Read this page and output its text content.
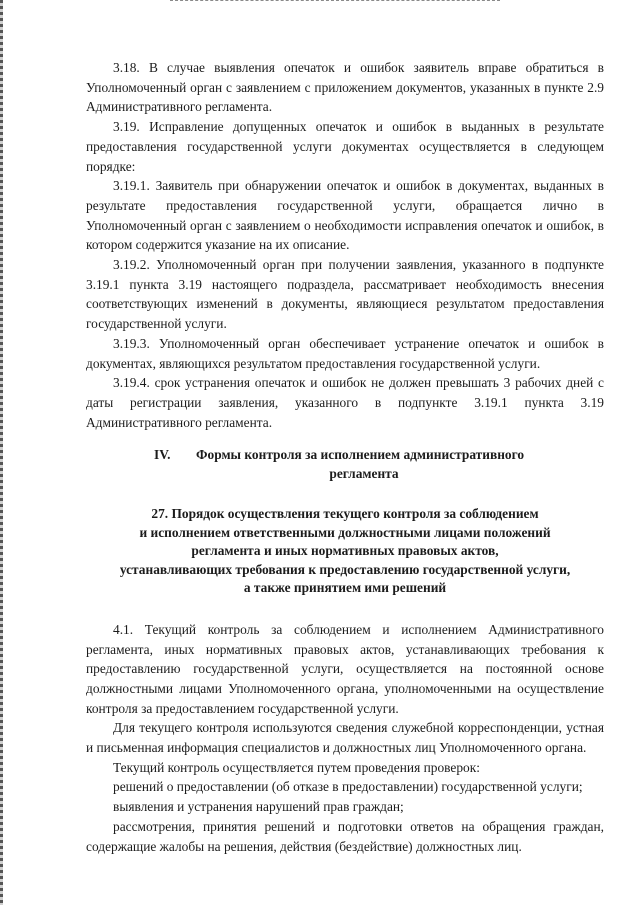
3.18. В случае выявления опечаток и ошибок заявитель вправе обратиться в Уполномоченный орган с заявлением с приложением документов, указанных в пункте 2.9 Административного регламента.

3.19. Исправление допущенных опечаток и ошибок в выданных в результате предоставления государственной услуги документах осуществляется в следующем порядке:

3.19.1. Заявитель при обнаружении опечаток и ошибок в документах, выданных в результате предоставления государственной услуги, обращается лично в Уполномоченный орган с заявлением о необходимости исправления опечаток и ошибок, в котором содержится указание на их описание.

3.19.2. Уполномоченный орган при получении заявления, указанного в подпункте 3.19.1 пункта 3.19 настоящего подраздела, рассматривает необходимость внесения соответствующих изменений в документы, являющиеся результатом предоставления государственной услуги.

3.19.3. Уполномоченный орган обеспечивает устранение опечаток и ошибок в документах, являющихся результатом предоставления государственной услуги.

3.19.4. срок устранения опечаток и ошибок не должен превышать 3 рабочих дней с даты регистрации заявления, указанного в подпункте 3.19.1 пункта 3.19 Административного регламента.

IV. Формы контроля за исполнением административного
регламента

27. Порядок осуществления текущего контроля за соблюдением

и исполнением ответственными должностными лицами положений

регламента и иных нормативных правовых актов,

устанавливающих требования к предоставлению государственной услуги,

а также принятием ими решений

4.1. Текущий контроль за соблюдением и исполнением Административного регламента, иных нормативных правовых актов, устанавливающих требования к предоставлению государственной услуги, осуществляется на постоянной основе должностными лицами Уполномоченного органа, уполномоченными на осуществление контроля за предоставлением государственной услуги.

Для текущего контроля используются сведения служебной корреспонденции, устная и письменная информация специалистов и должностных лиц Уполномоченного органа.

Текущий контроль осуществляется путем проведения проверок:

решений о предоставлении (об отказе в предоставлении) государственной услуги;

выявления и устранения нарушений прав граждан;

рассмотрения, принятия решений и подготовки ответов на обращения граждан, содержащие жалобы на решения, действия (бездействие) должностных лиц.
